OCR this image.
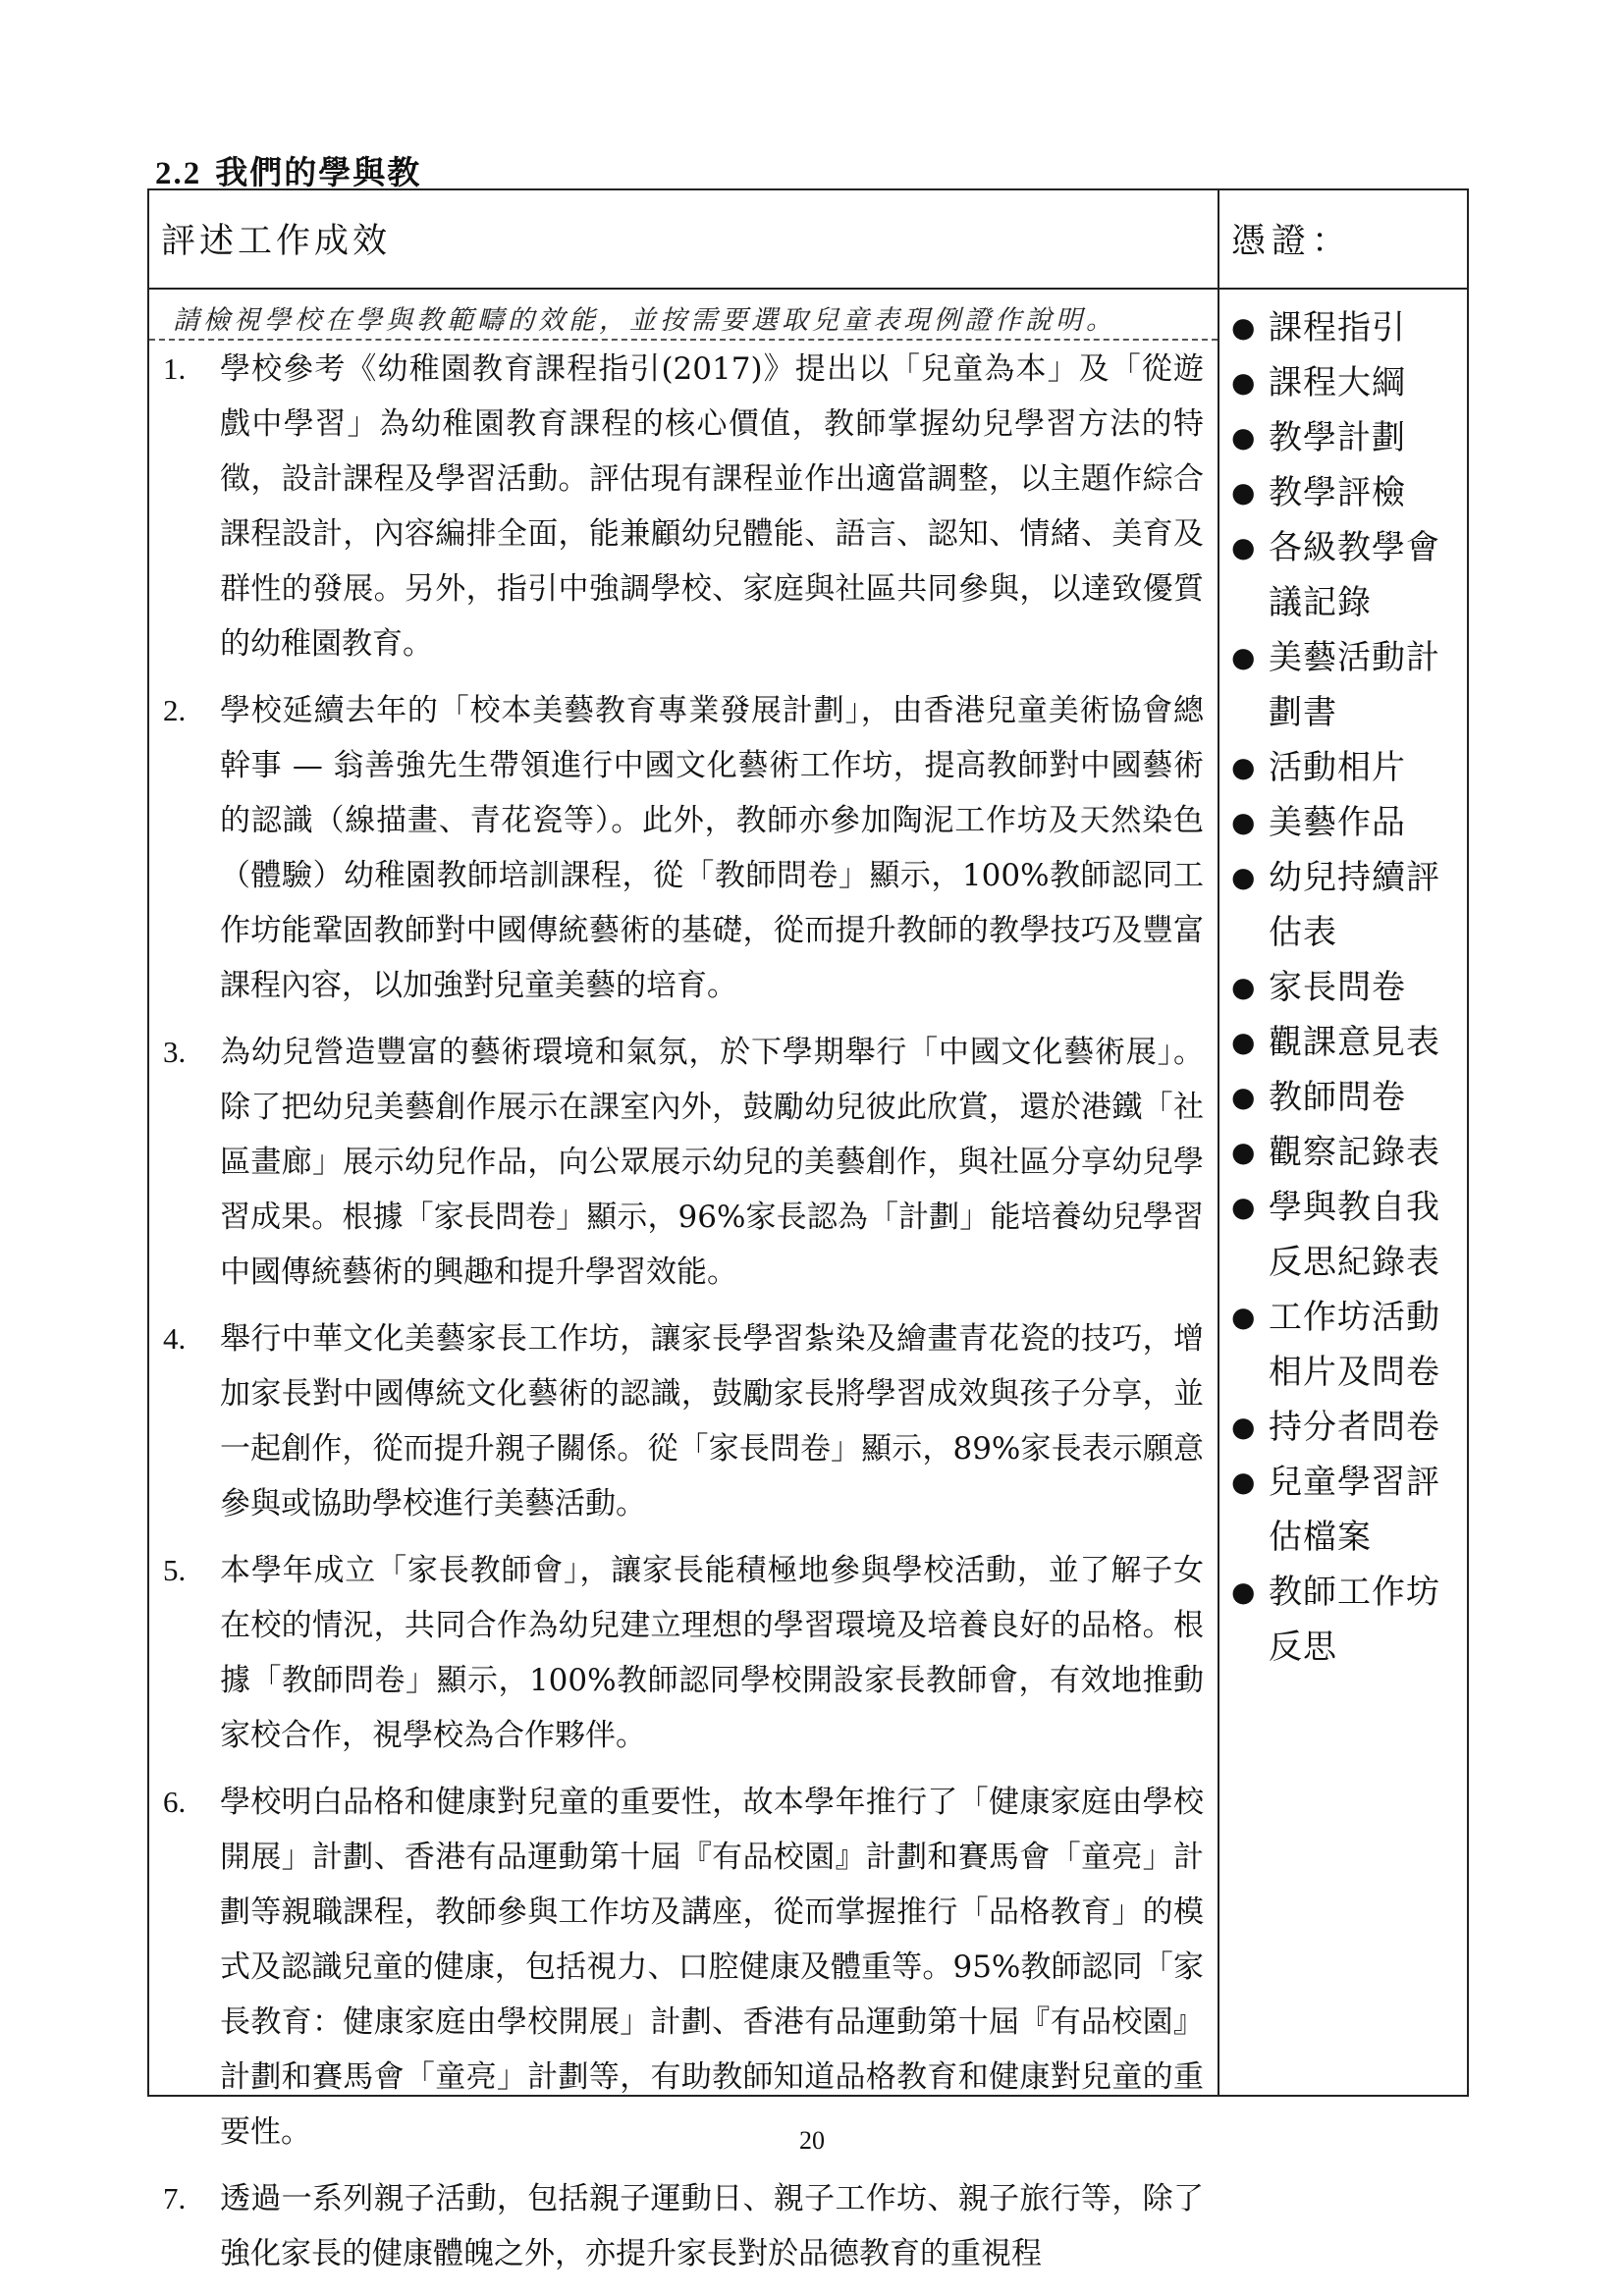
2.2 我們的學與教
評述工作成效	憑證：
請檢視學校在學與教範疇的效能，並按需要選取兒童表現例證作說明。
1.	學校參考《幼稚園教育課程指引(2017)》提出以「兒童為本」及「從遊戲中學習」為幼稚園教育課程的核心價值，教師掌握幼兒學習方法的特徵，設計課程及學習活動。評估現有課程並作出適當調整，以主題作綜合課程設計，內容編排全面，能兼顧幼兒體能、語言、認知、情緒、美育及群性的發展。另外，指引中強調學校、家庭與社區共同參與，以達致優質的幼稚園教育。
2.	學校延續去年的「校本美藝教育專業發展計劃」，由香港兒童美術協會總幹事 — 翁善強先生帶領進行中國文化藝術工作坊，提高教師對中國藝術的認識（線描畫、青花瓷等）。此外，教師亦參加陶泥工作坊及天然染色（體驗）幼稚園教師培訓課程，從「教師問卷」顯示，100%教師認同工作坊能鞏固教師對中國傳統藝術的基礎，從而提升教師的教學技巧及豐富課程內容，以加強對兒童美藝的培育。
3.	為幼兒營造豐富的藝術環境和氣氛，於下學期舉行「中國文化藝術展」。除了把幼兒美藝創作展示在課室內外，鼓勵幼兒彼此欣賞，還於港鐵「社區畫廊」展示幼兒作品，向公眾展示幼兒的美藝創作，與社區分享幼兒學習成果。根據「家長問卷」顯示，96%家長認為「計劃」能培養幼兒學習中國傳統藝術的興趣和提升學習效能。
4.	舉行中華文化美藝家長工作坊，讓家長學習紮染及繪畫青花瓷的技巧，增加家長對中國傳統文化藝術的認識，鼓勵家長將學習成效與孩子分享，並一起創作，從而提升親子關係。從「家長問卷」顯示，89%家長表示願意參與或協助學校進行美藝活動。
5.	本學年成立「家長教師會」，讓家長能積極地參與學校活動，並了解子女在校的情況，共同合作為幼兒建立理想的學習環境及培養良好的品格。根據「教師問卷」顯示，100%教師認同學校開設家長教師會，有效地推動家校合作，視學校為合作夥伴。
6.	學校明白品格和健康對兒童的重要性，故本學年推行了「健康家庭由學校開展」計劃、香港有品運動第十屆『有品校園』計劃和賽馬會「童亮」計劃等親職課程，教師參與工作坊及講座，從而掌握推行「品格教育」的模式及認識兒童的健康，包括視力、口腔健康及體重等。95%教師認同「家長教育：健康家庭由學校開展」計劃、香港有品運動第十屆『有品校園』計劃和賽馬會「童亮」計劃等，有助教師知道品格教育和健康對兒童的重要性。
7.	透過一系列親子活動，包括親子運動日、親子工作坊、親子旅行等，除了強化家長的健康體魄之外，亦提升家長對於品德教育的重視程
● 課程指引
● 課程大綱
● 教學計劃
● 教學評檢
● 各級教學會議記錄
● 美藝活動計劃書
● 活動相片
● 美藝作品
● 幼兒持續評估表
● 家長問卷
● 觀課意見表
● 教師問卷
● 觀察記錄表
● 學與教自我反思紀錄表
● 工作坊活動相片及問卷
● 持分者問卷
● 兒童學習評估檔案
● 教師工作坊反思
20
